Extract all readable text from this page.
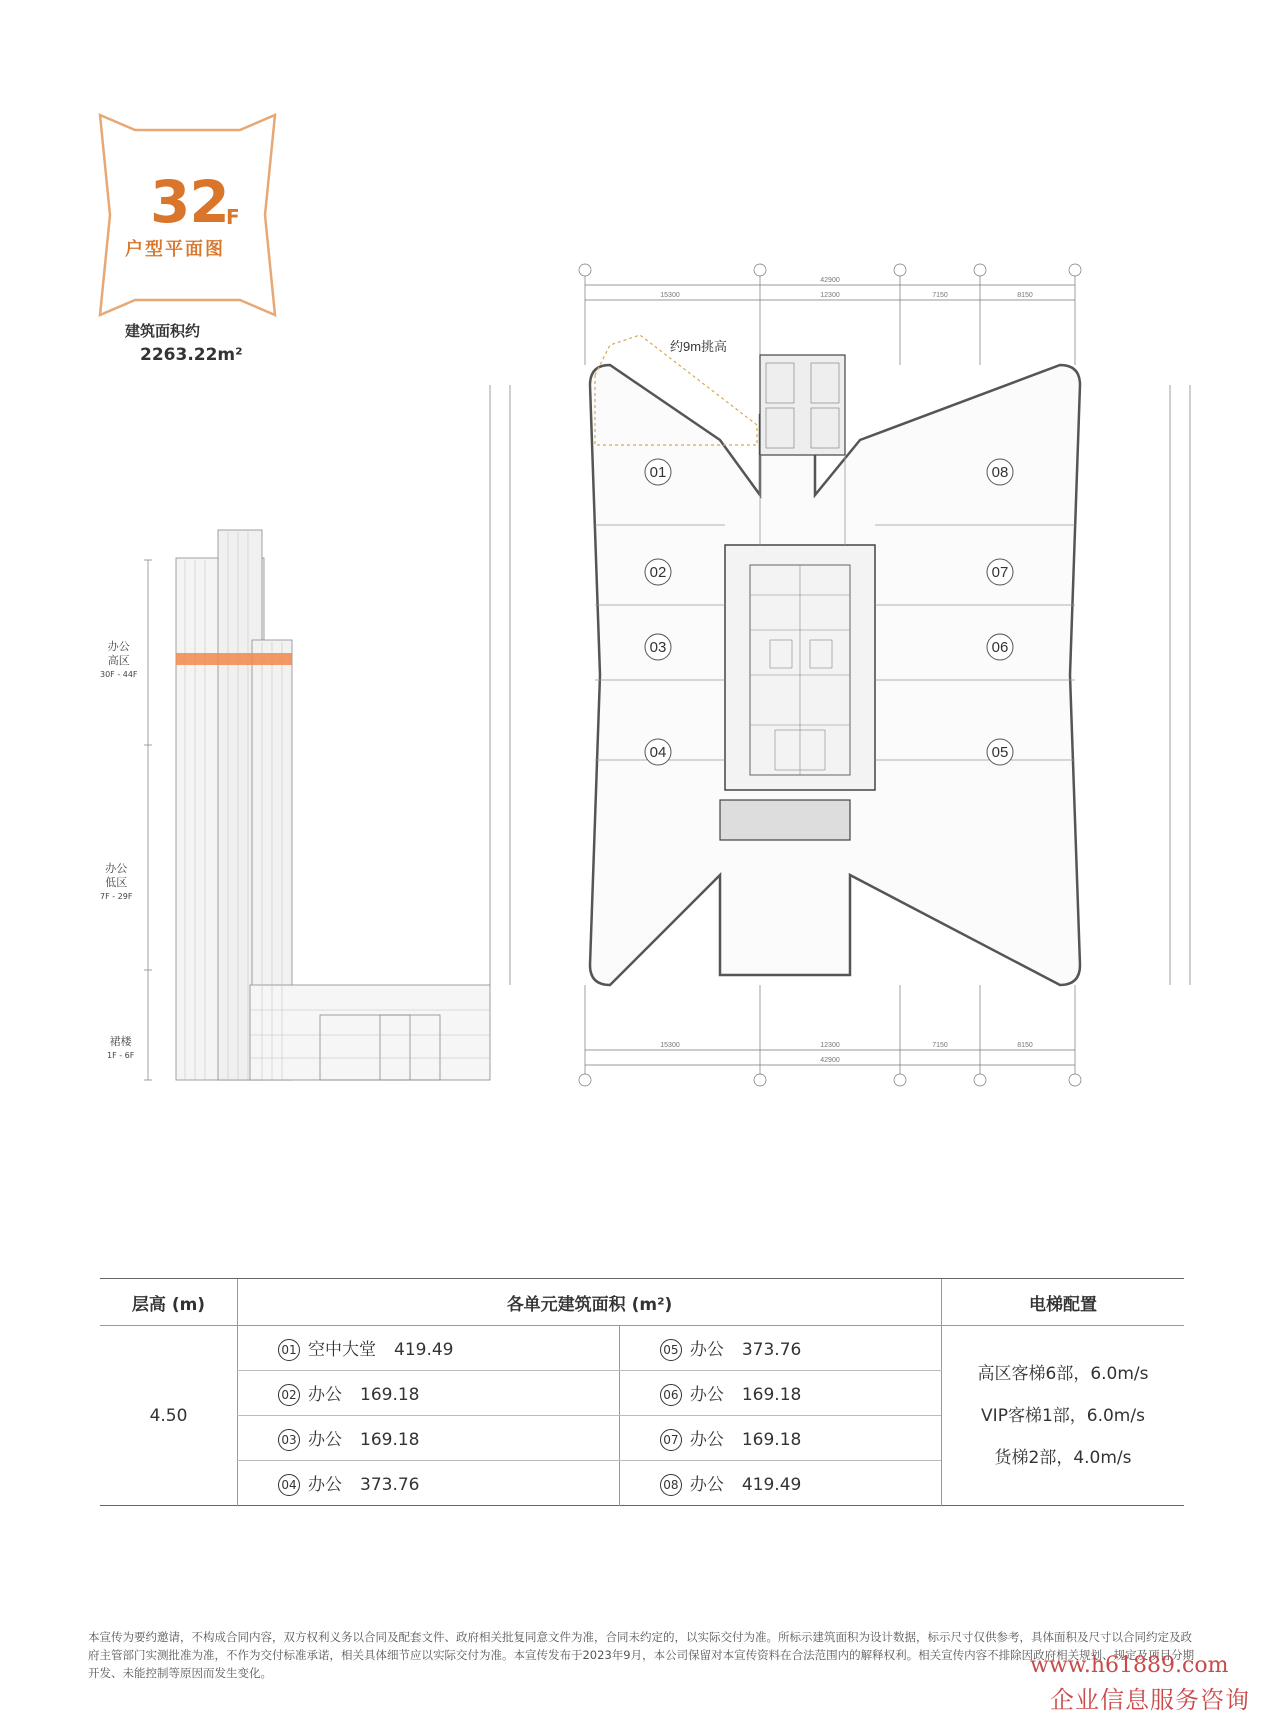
32
F
户型平面图
建筑面积约
2263.22m²
办公
高区
30F - 44F
办公
低区
7F - 29F
裙楼
1F - 6F
42900
15300	12300	7150	8150
15300	12300	7150	8150
42900
约9m挑高
01
02
03
04	05
06
07
08
层高 (m)	各单元建筑面积 (m²)		电梯配置
4.50	01 空中大堂 419.49	05 办公 373.76	高区客梯6部，6.0m/s
VIP客梯1部，6.0m/s
货梯2部，4.0m/s

	02 办公 169.18	06 办公 169.18	
	03 办公 169.18	07 办公 169.18	
	04 办公 373.76	08 办公 419.49	

本宣传为要约邀请，不构成合同内容，双方权利义务以合同及配套文件、政府相关批复同意文件为准，合同未约定的，以实际交付为准。所标示建筑面积为设计数据，标示尺寸仅供参考，具体面积及尺寸以合同约定及政府主管部门实测批准为准，不作为交付标准承诺，相关具体细节应以实际交付为准。本宣传发布于2023年9月，本公司保留对本宣传资料在合法范围内的解释权利。相关宣传内容不排除因政府相关规划、规定及项目分期开发、未能控制等原因而发生变化。	www.h61889.com
企业信息服务咨询
